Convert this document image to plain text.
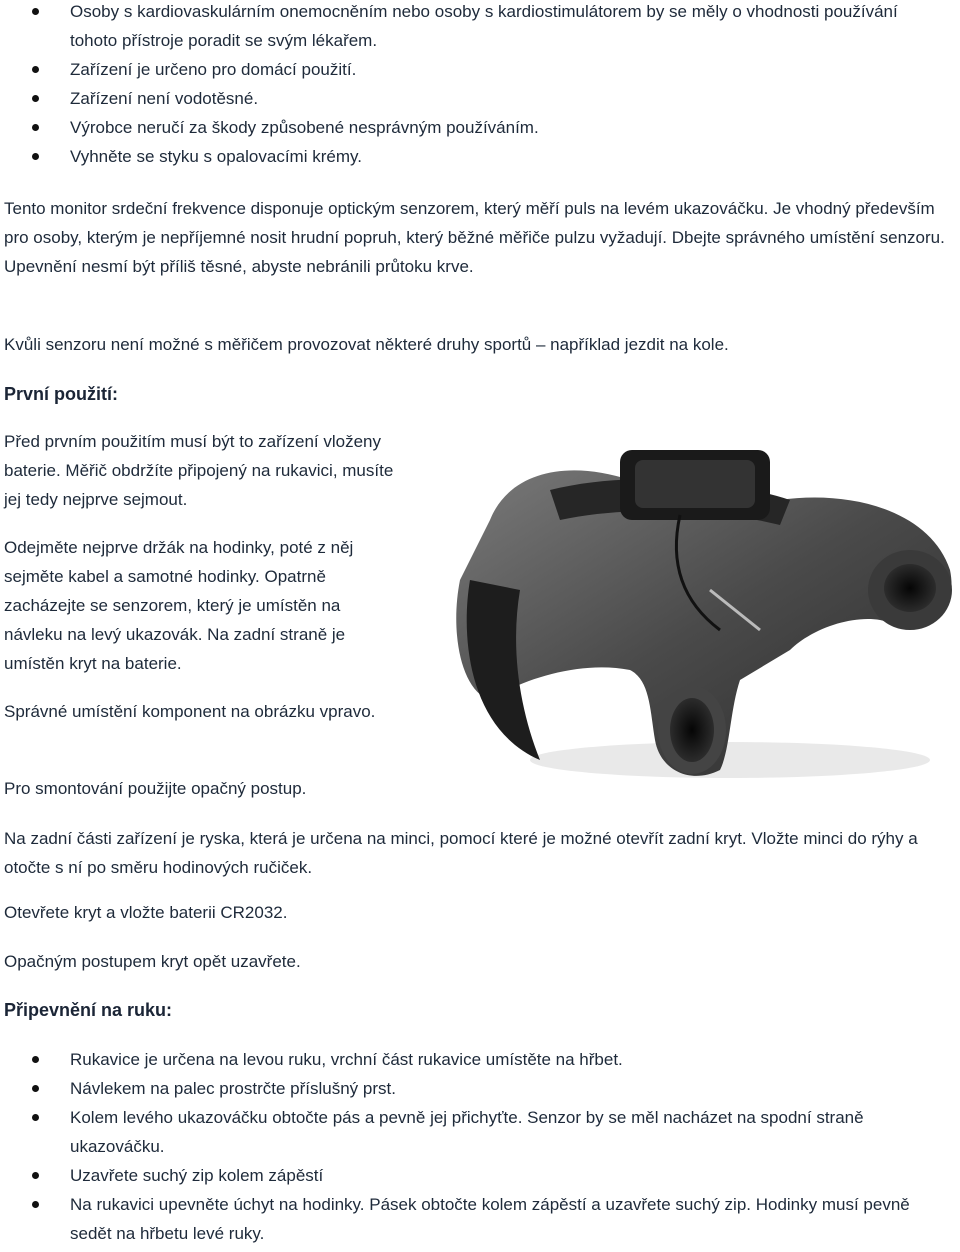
Osoby s kardiovaskulárním onemocněním nebo osoby s kardiostimulátorem by se měly o vhodnosti používání tohoto přístroje poradit se svým lékařem.
Zařízení je určeno pro domácí použití.
Zařízení není vodotěsné.
Výrobce neručí za škody způsobené nesprávným používáním.
Vyhněte se styku s opalovacími krémy.

Tento monitor srdeční frekvence disponuje optickým senzorem, který měří puls na levém ukazováčku. Je vhodný především pro osoby, kterým je nepříjemné nosit hrudní popruh, který běžné měřiče pulzu vyžadují. Dbejte správného umístění senzoru. Upevnění nesmí být příliš těsné, abyste nebránili průtoku krve.

Kvůli senzoru není možné s měřičem provozovat některé druhy sportů – například jezdit na kole.

První použití:

Před prvním použitím musí být to zařízení vloženy baterie. Měřič obdržíte připojený na rukavici, musíte jej tedy nejprve sejmout.

Odejměte nejprve držák na hodinky, poté z něj sejměte kabel a samotné hodinky. Opatrně zacházejte se senzorem, který je umístěn na návleku na levý ukazovák. Na zadní straně je umístěn kryt na baterie.

Správné umístění komponent na obrázku vpravo.

Pro smontování použijte opačný postup.

Na zadní části zařízení je ryska, která je určena na minci, pomocí které je možné otevřít zadní kryt. Vložte minci do rýhy a otočte s ní po směru hodinových ručiček.

Otevřete kryt a vložte baterii CR2032.

Opačným postupem kryt opět uzavřete.

Připevnění na ruku:
Rukavice je určena na levou ruku, vrchní část rukavice umístěte na hřbet.
Návlekem na palec prostrčte příslušný prst.
Kolem levého ukazováčku obtočte pás a pevně jej přichyťte. Senzor by se měl nacházet na spodní straně ukazováčku.
Uzavřete suchý zip kolem zápěstí
Na rukavici upevněte úchyt na hodinky. Pásek obtočte kolem zápěstí a uzavřete suchý zip. Hodinky musí pevně sedět na hřbetu levé ruky.
